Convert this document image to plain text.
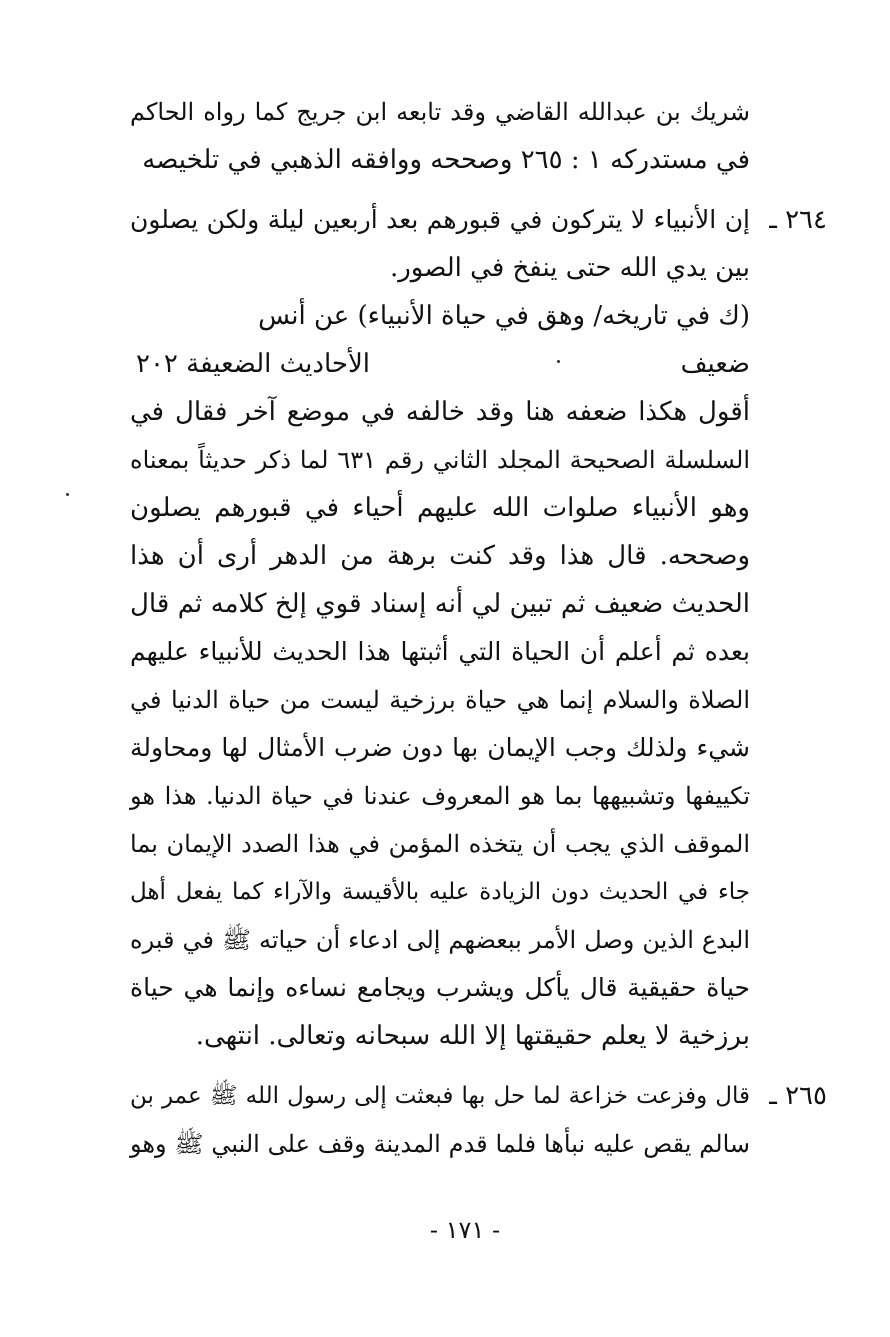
شريك بن عبدالله القاضي وقد تابعه ابن جريج كما رواه الحاكم
في مستدركه ١ : ٢٦٥ وصححه ووافقه الذهبي في تلخيصه
٢٦٤ ـ
إن الأنبياء لا يتركون في قبورهم بعد أربعين ليلة ولكن يصلون
بين يدي الله حتى ينفخ في الصور.
(ك في تاريخه/ وهق في حياة الأنبياء) عن أنس
ضعيف
الأحاديث الضعيفة ٢٠٢
أقول هكذا ضعفه هنا وقد خالفه في موضع آخر فقال في
السلسلة الصحيحة المجلد الثاني رقم ٦٣١ لما ذكر حديثاً بمعناه
وهو الأنبياء صلوات الله عليهم أحياء في قبورهم يصلون
وصححه. قال هذا وقد كنت برهة من الدهر أرى أن هذا
الحديث ضعيف ثم تبين لي أنه إسناد قوي إلخ كلامه ثم قال
بعده ثم أعلم أن الحياة التي أثبتها هذا الحديث للأنبياء عليهم
الصلاة والسلام إنما هي حياة برزخية ليست من حياة الدنيا في
شيء ولذلك وجب الإيمان بها دون ضرب الأمثال لها ومحاولة
تكييفها وتشبيهها بما هو المعروف عندنا في حياة الدنيا. هذا هو
الموقف الذي يجب أن يتخذه المؤمن في هذا الصدد الإيمان بما
جاء في الحديث دون الزيادة عليه بالأقيسة والآراء كما يفعل أهل
البدع الذين وصل الأمر ببعضهم إلى ادعاء أن حياته ﷺ في قبره
حياة حقيقية قال يأكل ويشرب ويجامع نساءه وإنما هي حياة
برزخية لا يعلم حقيقتها إلا الله سبحانه وتعالى. انتهى.
٢٦٥ ـ
قال وفزعت خزاعة لما حل بها فبعثت إلى رسول الله ﷺ عمر بن
سالم يقص عليه نبأها فلما قدم المدينة وقف على النبي ﷺ وهو
- ١٧١ -
